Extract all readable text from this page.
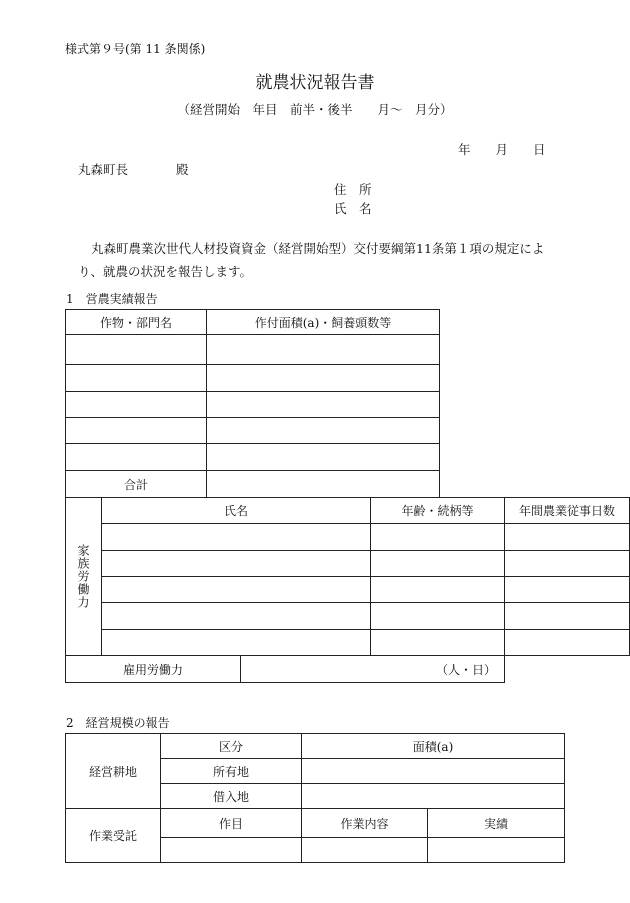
様式第９号(第 11 条関係)
就農状況報告書
（経営開始　年目　前半・後半　　月～　月分）
年　　月　　日
丸森町長	殿
住　所
氏　名
丸森町農業次世代人材投資資金（経営開始型）交付要綱第11条第１項の規定により、就農の状況を報告します。
1　営農実績報告
作物・部門名	作付面積(a)・飼養頭数等

合計	
家族労働力	氏名		年齢・続柄等	年間農業従事日数

雇用労働力		（人・日）		
2　経営規模の報告
経営耕地	区分	面積(a)	
	所有地		
	借入地		
作業受託	作目	作業内容	実績
